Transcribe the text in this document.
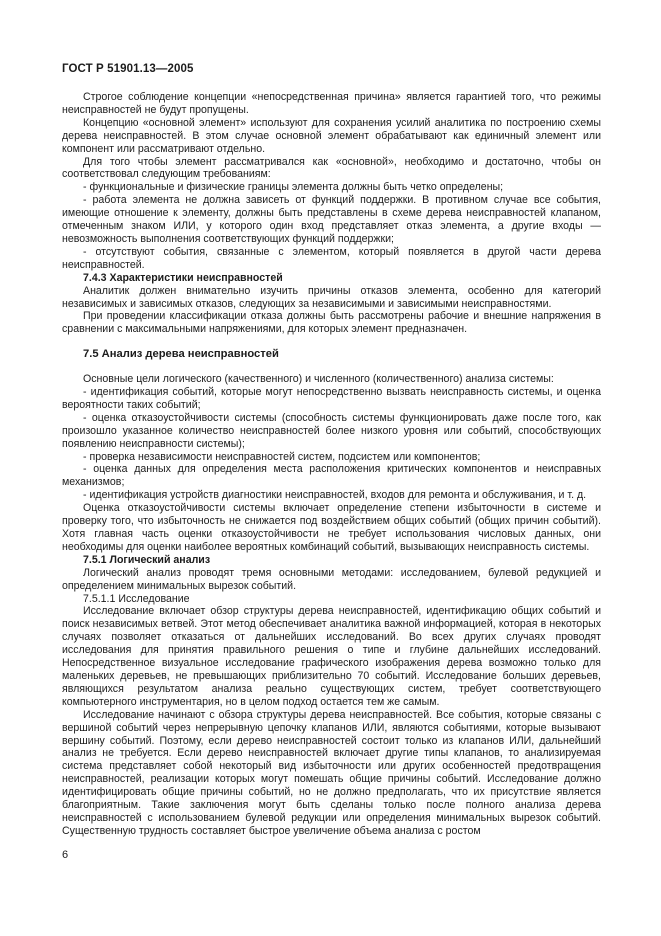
ГОСТ Р 51901.13—2005

Строгое соблюдение концепции «непосредственная причина» является гарантией того, что режимы неисправностей не будут пропущены.

Концепцию «основной элемент» используют для сохранения усилий аналитика по построению схемы дерева неисправностей. В этом случае основной элемент обрабатывают как единичный элемент или компонент или рассматривают отдельно.

Для того чтобы элемент рассматривался как «основной», необходимо и достаточно, чтобы он соответствовал следующим требованиям:

- функциональные и физические границы элемента должны быть четко определены;

- работа элемента не должна зависеть от функций поддержки. В противном случае все события, имеющие отношение к элементу, должны быть представлены в схеме дерева неисправностей клапаном, отмеченным знаком ИЛИ, у которого один вход представляет отказ элемента, а другие входы — невозможность выполнения соответствующих функций поддержки;

- отсутствуют события, связанные с элементом, который появляется в другой части дерева неисправностей.

7.4.3 Характеристики неисправностей

Аналитик должен внимательно изучить причины отказов элемента, особенно для категорий независимых и зависимых отказов, следующих за независимыми и зависимыми неисправностями.

При проведении классификации отказа должны быть рассмотрены рабочие и внешние напряжения в сравнении с максимальными напряжениями, для которых элемент предназначен.

7.5 Анализ дерева неисправностей

Основные цели логического (качественного) и численного (количественного) анализа системы:

- идентификация событий, которые могут непосредственно вызвать неисправность системы, и оценка вероятности таких событий;

- оценка отказоустойчивости системы (способность системы функционировать даже после того, как произошло указанное количество неисправностей более низкого уровня или событий, способствующих появлению неисправности системы);

- проверка независимости неисправностей систем, подсистем или компонентов;

- оценка данных для определения места расположения критических компонентов и неисправных механизмов;

- идентификация устройств диагностики неисправностей, входов для ремонта и обслуживания, и т. д.

Оценка отказоустойчивости системы включает определение степени избыточности в системе и проверку того, что избыточность не снижается под воздействием общих событий (общих причин событий). Хотя главная часть оценки отказоустойчивости не требует использования числовых данных, они необходимы для оценки наиболее вероятных комбинаций событий, вызывающих неисправность системы.

7.5.1 Логический анализ

Логический анализ проводят тремя основными методами: исследованием, булевой редукцией и определением минимальных вырезок событий.

7.5.1.1 Исследование

Исследование включает обзор структуры дерева неисправностей, идентификацию общих событий и поиск независимых ветвей. Этот метод обеспечивает аналитика важной информацией, которая в некоторых случаях позволяет отказаться от дальнейших исследований. Во всех других случаях проводят исследования для принятия правильного решения о типе и глубине дальнейших исследований. Непосредственное визуальное исследование графического изображения дерева возможно только для маленьких деревьев, не превышающих приблизительно 70 событий. Исследование больших деревьев, являющихся результатом анализа реально существующих систем, требует соответствующего компьютерного инструментария, но в целом подход остается тем же самым.

Исследование начинают с обзора структуры дерева неисправностей. Все события, которые связаны с вершиной событий через непрерывную цепочку клапанов ИЛИ, являются событиями, которые вызывают вершину событий. Поэтому, если дерево неисправностей состоит только из клапанов ИЛИ, дальнейший анализ не требуется. Если дерево неисправностей включает другие типы клапанов, то анализируемая система представляет собой некоторый вид избыточности или других особенностей предотвращения неисправностей, реализации которых могут помешать общие причины событий. Исследование должно идентифицировать общие причины событий, но не должно предполагать, что их присутствие является благоприятным. Такие заключения могут быть сделаны только после полного анализа дерева неисправностей с использованием булевой редукции или определения минимальных вырезок событий. Существенную трудность составляет быстрое увеличение объема анализа с ростом

6
